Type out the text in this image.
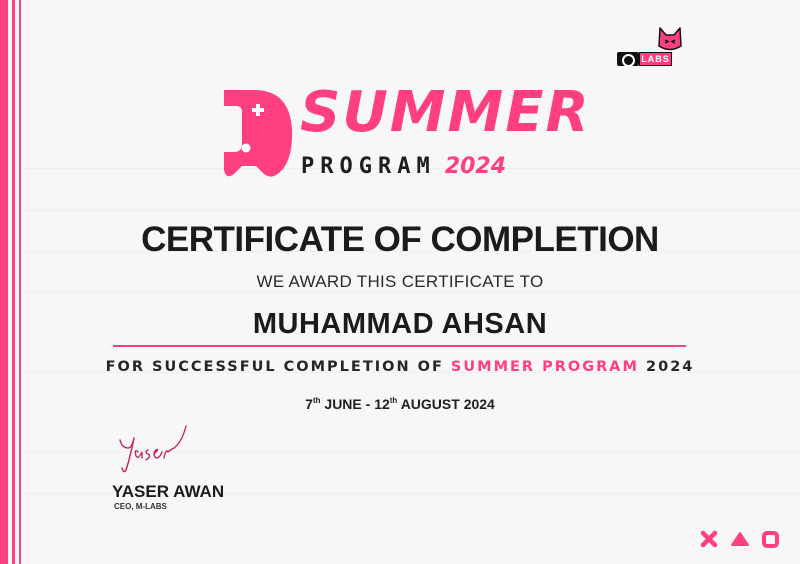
LABS
SUMMER
PROGRAM 2024
CERTIFICATE OF COMPLETION
WE AWARD THIS CERTIFICATE TO
MUHAMMAD AHSAN
FOR SUCCESSFUL COMPLETION OF SUMMER PROGRAM 2024
7th JUNE - 12th AUGUST 2024
YASER AWAN
CEO, M-LABS
